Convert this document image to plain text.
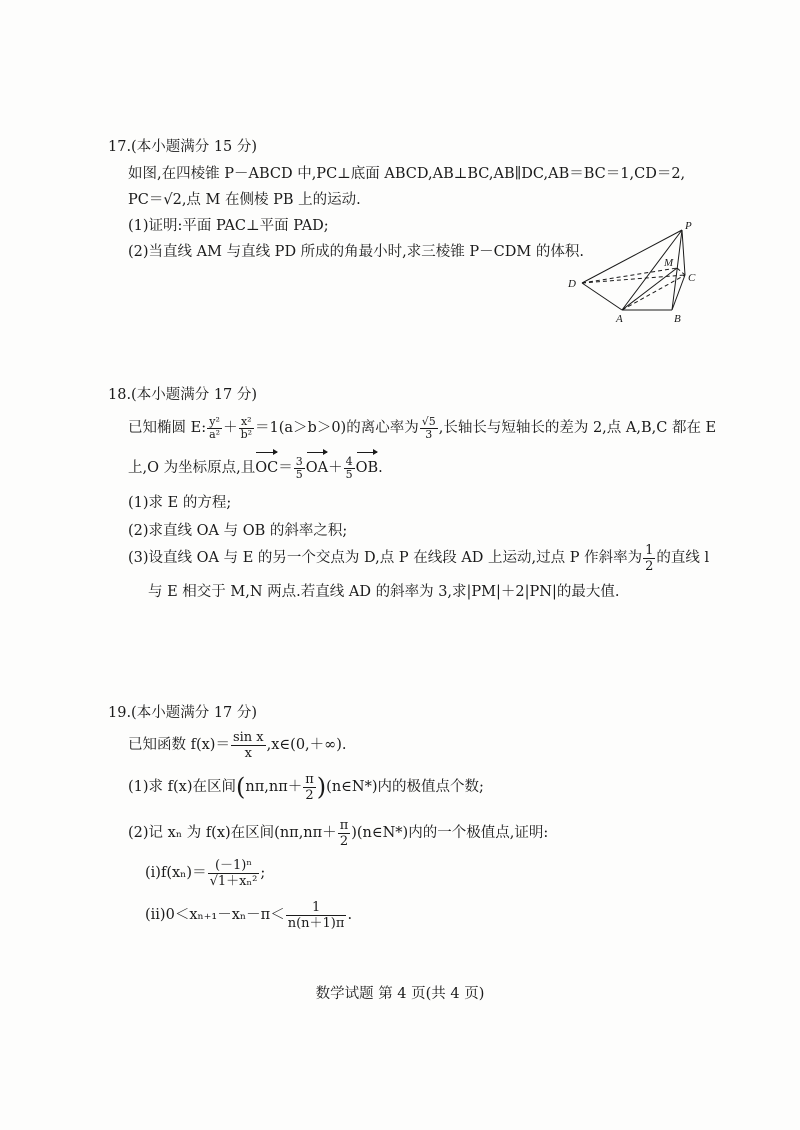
17.(本小题满分 15 分)
如图,在四棱锥 P－ABCD 中,PC⊥底面 ABCD,AB⊥BC,AB∥DC,AB＝BC＝1,CD＝2,
PC＝√2,点 M 在侧棱 PB 上的运动.
(1)证明:平面 PAC⊥平面 PAD;
(2)当直线 AM 与直线 PD 所成的角最小时,求三棱锥 P－CDM 的体积.
P
M
C
D
A	B
18.(本小题满分 17 分)
已知椭圆 E: $\frac{\text{y²}}{\text{a²}} + \frac{\text{x²}}{\text{b²}} =1(a>b>0)$的离心率为 $\frac{√5}{3}$ ,长轴长与短轴长的差为 2,点 A,B,C 都在 E
上,O 为坐标原点,且$OC= \frac{3}{5} OA+ \frac{4}{5}$ OB.
(1)求 E 的方程;
(2)求直线 OA 与 OB 的斜率之积;
(3)设直线 OA 与 E 的另一个交点为 D,点 P 在线段 AD 上运动,过点 P 作斜率为 $\frac{1}{2}$ 的直线 l
与 E 相交于 M,N 两点.若直线 AD 的斜率为 3,求|PM|＋2|PN|的最大值.
19.(本小题满分 17 分)
已知函数 $f(x)= \frac{\text{sin x}}{x}$ ,x∈(0,＋∞).
(1)求 f(x)在区间($n\pi,n\pi+ \frac{\pi}{2}$ )(n∈N*)内的极值点个数;
(2)记 xₙ 为 f(x)在区间($n\pi,n\pi+ \frac{\pi}{2}$ )(n∈N*)内的一个极值点,证明:
(ⅰ)f(xₙ)＝ $\frac{\text{(－1)ⁿ}}{\text{√1＋xₙ²}}$ ;
(ⅱ)0＜xₙ₊₁－xₙ－π＜ $\frac{1}{n(n+1)\pi}$ .
数学试题 第 4 页(共 4 页)
